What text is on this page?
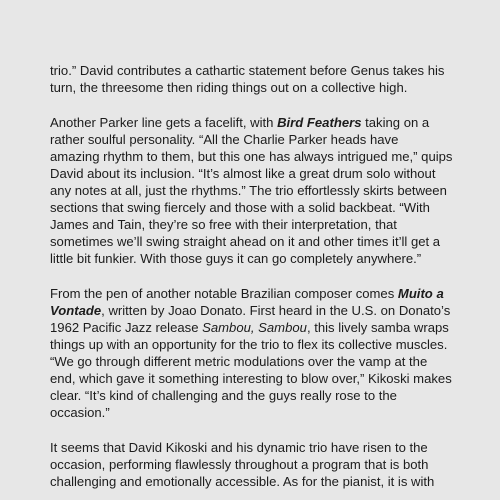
trio.” David contributes a cathartic statement before Genus takes his
turn, the threesome then riding things out on a collective high.
Another Parker line gets a facelift, with Bird Feathers taking on a
rather soulful personality. “All the Charlie Parker heads have
amazing rhythm to them, but this one has always intrigued me,” quips
David about its inclusion. “It’s almost like a great drum solo without
any notes at all, just the rhythms.” The trio effortlessly skirts between
sections that swing fiercely and those with a solid backbeat. “With
James and Tain, they’re so free with their interpretation, that
sometimes we’ll swing straight ahead on it and other times it’ll get a
little bit funkier. With those guys it can go completely anywhere.”
From the pen of another notable Brazilian composer comes Muito a
Vontade, written by Joao Donato. First heard in the U.S. on Donato’s
1962 Pacific Jazz release Sambou, Sambou, this lively samba wraps
things up with an opportunity for the trio to flex its collective muscles.
“We go through different metric modulations over the vamp at the
end, which gave it something interesting to blow over,” Kikoski makes
clear. “It’s kind of challenging and the guys really rose to the
occasion.”
It seems that David Kikoski and his dynamic trio have risen to the
occasion, performing flawlessly throughout a program that is both
challenging and emotionally accessible. As for the pianist, it is with
